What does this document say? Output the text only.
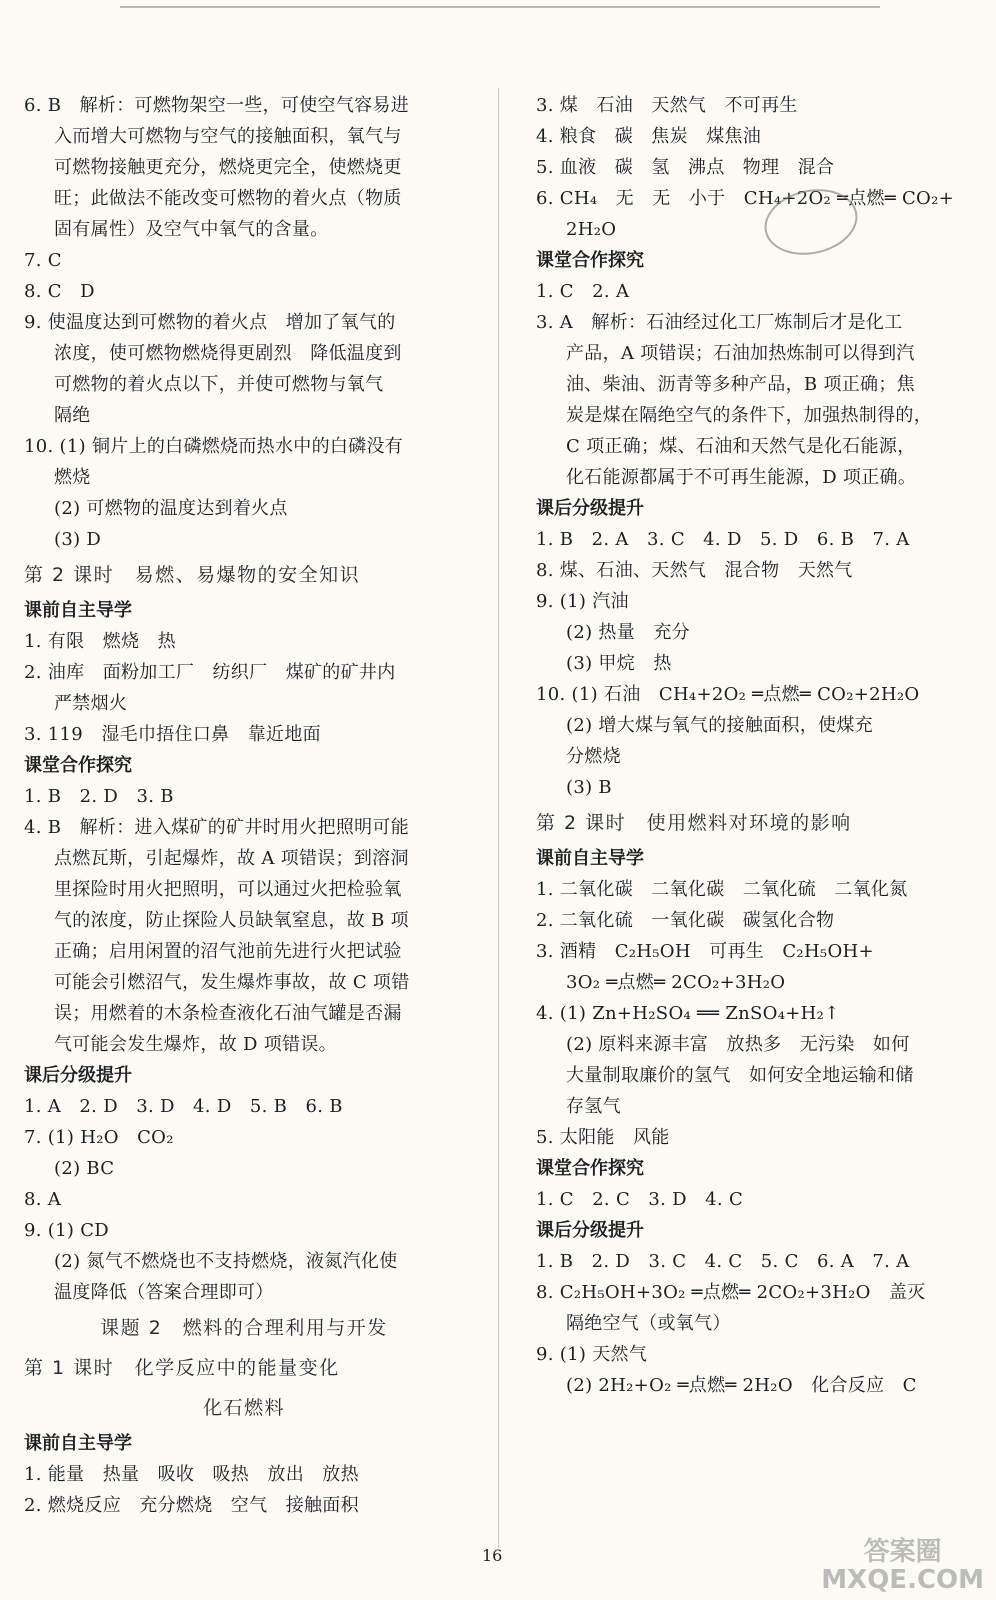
6. B　解析：可燃物架空一些，可使空气容易进
入而增大可燃物与空气的接触面积，氧气与
可燃物接触更充分，燃烧更完全，使燃烧更
旺；此做法不能改变可燃物的着火点（物质
固有属性）及空气中氧气的含量。
7. C
8. C　D
9. 使温度达到可燃物的着火点　增加了氧气的
浓度，使可燃物燃烧得更剧烈　降低温度到
可燃物的着火点以下，并使可燃物与氧气
隔绝
10. (1) 铜片上的白磷燃烧而热水中的白磷没有
燃烧
(2) 可燃物的温度达到着火点
(3) D
第 2 课时　易燃、易爆物的安全知识
课前自主导学
1. 有限　燃烧　热
2. 油库　面粉加工厂　纺织厂　煤矿的矿井内
严禁烟火
3. 119　湿毛巾捂住口鼻　靠近地面
课堂合作探究
1. B　2. D　3. B
4. B　解析：进入煤矿的矿井时用火把照明可能
点燃瓦斯，引起爆炸，故 A 项错误；到溶洞
里探险时用火把照明，可以通过火把检验氧
气的浓度，防止探险人员缺氧窒息，故 B 项
正确；启用闲置的沼气池前先进行火把试验
可能会引燃沼气，发生爆炸事故，故 C 项错
误；用燃着的木条检查液化石油气罐是否漏
气可能会发生爆炸，故 D 项错误。
课后分级提升
1. A　2. D　3. D　4. D　5. B　6. B
7. (1) H₂O　CO₂
(2) BC
8. A
9. (1) CD
(2) 氮气不燃烧也不支持燃烧，液氮汽化使
温度降低（答案合理即可）
课题 2　燃料的合理利用与开发
第 1 课时　化学反应中的能量变化
化石燃料
课前自主导学
1. 能量　热量　吸收　吸热　放出　放热
2. 燃烧反应　充分燃烧　空气　接触面积
3. 煤　石油　天然气　不可再生
4. 粮食　碳　焦炭　煤焦油
5. 血液　碳　氢　沸点　物理　混合
6. CH₄　无　无　小于　CH₄+2O₂ ═点燃═ CO₂+
2H₂O
课堂合作探究
1. C　2. A
3. A　解析：石油经过化工厂炼制后才是化工
产品，A 项错误；石油加热炼制可以得到汽
油、柴油、沥青等多种产品，B 项正确；焦
炭是煤在隔绝空气的条件下，加强热制得的，
C 项正确；煤、石油和天然气是化石能源，
化石能源都属于不可再生能源，D 项正确。
课后分级提升
1. B　2. A　3. C　4. D　5. D　6. B　7. A
8. 煤、石油、天然气　混合物　天然气
9. (1) 汽油
(2) 热量　充分
(3) 甲烷　热
10. (1) 石油　CH₄+2O₂ ═点燃═ CO₂+2H₂O
(2) 增大煤与氧气的接触面积，使煤充
分燃烧
(3) B
第 2 课时　使用燃料对环境的影响
课前自主导学
1. 二氧化碳　二氧化碳　二氧化硫　二氧化氮
2. 二氧化硫　一氧化碳　碳氢化合物
3. 酒精　C₂H₅OH　可再生　C₂H₅OH+
3O₂ ═点燃═ 2CO₂+3H₂O
4. (1) Zn+H₂SO₄ ══ ZnSO₄+H₂↑
(2) 原料来源丰富　放热多　无污染　如何
大量制取廉价的氢气　如何安全地运输和储
存氢气
5. 太阳能　风能
课堂合作探究
1. C　2. C　3. D　4. C
课后分级提升
1. B　2. D　3. C　4. C　5. C　6. A　7. A
8. C₂H₅OH+3O₂ ═点燃═ 2CO₂+3H₂O　盖灭
隔绝空气（或氧气）
9. (1) 天然气
(2) 2H₂+O₂ ═点燃═ 2H₂O　化合反应　C
16	答案圈
MXQE.COM
